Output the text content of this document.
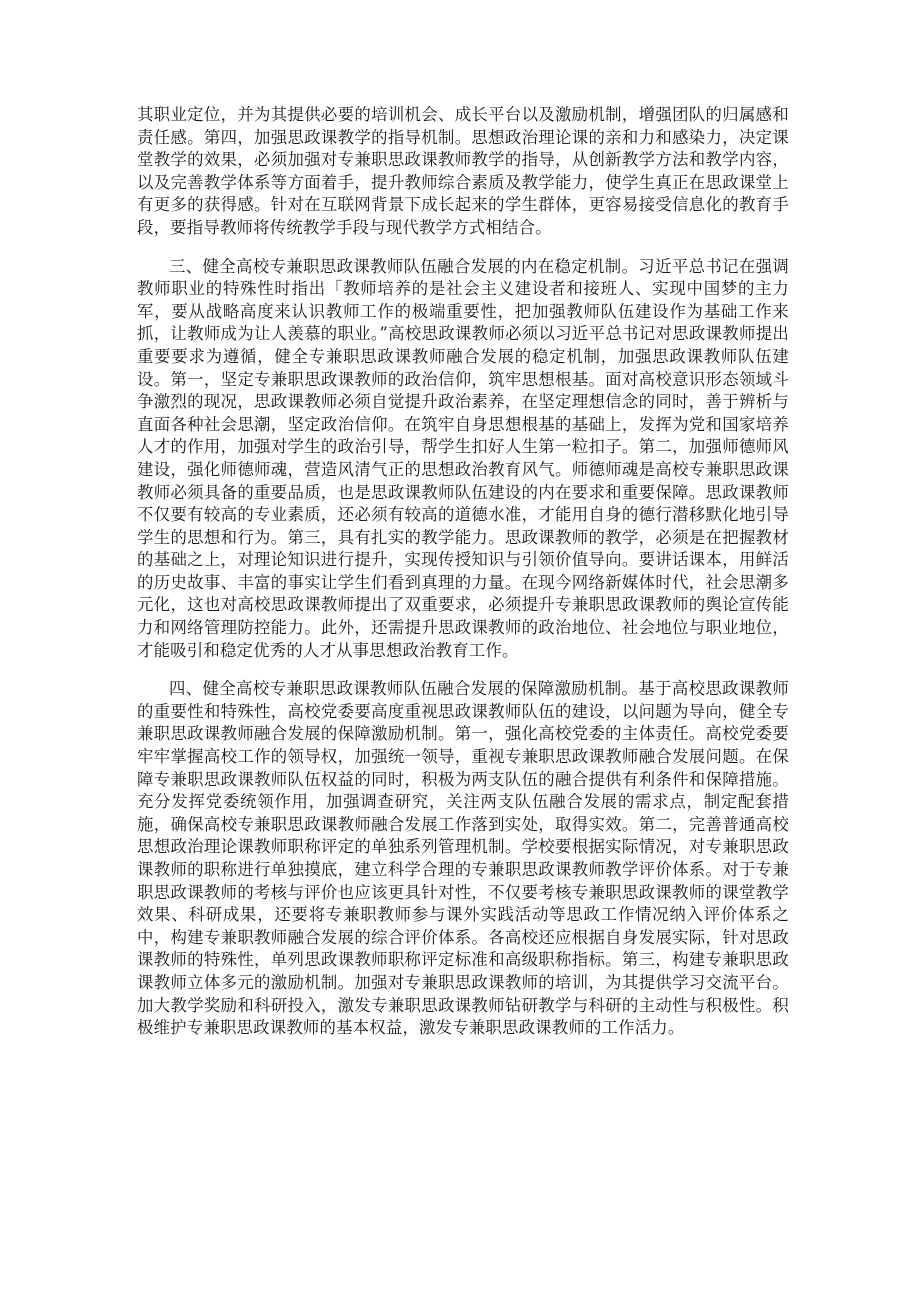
其职业定位，并为其提供必要的培训机会、成长平台以及激励机制，增强团队的归属感和责任感。第四，加强思政课教学的指导机制。思想政治理论课的亲和力和感染力，决定课堂教学的效果，必须加强对专兼职思政课教师教学的指导，从创新教学方法和教学内容，以及完善教学体系等方面着手，提升教师综合素质及教学能力，使学生真正在思政课堂上有更多的获得感。针对在互联网背景下成长起来的学生群体，更容易接受信息化的教育手段，要指导教师将传统教学手段与现代教学方式相结合。

三、健全高校专兼职思政课教师队伍融合发展的内在稳定机制。习近平总书记在强调教师职业的特殊性时指出「教师培养的是社会主义建设者和接班人、实现中国梦的主力军，要从战略高度来认识教师工作的极端重要性，把加强教师队伍建设作为基础工作来抓，让教师成为让人羡慕的职业。”高校思政课教师必须以习近平总书记对思政课教师提出重要要求为遵循，健全专兼职思政课教师融合发展的稳定机制，加强思政课教师队伍建设。第一，坚定专兼职思政课教师的政治信仰，筑牢思想根基。面对高校意识形态领域斗争激烈的现况，思政课教师必须自觉提升政治素养，在坚定理想信念的同时，善于辨析与直面各种社会思潮，坚定政治信仰。在筑牢自身思想根基的基础上，发挥为党和国家培养人才的作用，加强对学生的政治引导，帮学生扣好人生第一粒扣子。第二，加强师德师风建设，强化师德师魂，营造风清气正的思想政治教育风气。师德师魂是高校专兼职思政课教师必须具备的重要品质，也是思政课教师队伍建设的内在要求和重要保障。思政课教师不仅要有较高的专业素质，还必须有较高的道德水准，才能用自身的德行潜移默化地引导学生的思想和行为。第三，具有扎实的教学能力。思政课教师的教学，必须是在把握教材的基础之上，对理论知识进行提升，实现传授知识与引领价值导向。要讲话课本，用鲜活的历史故事、丰富的事实让学生们看到真理的力量。在现今网络新媒体时代，社会思潮多元化，这也对高校思政课教师提出了双重要求，必须提升专兼职思政课教师的舆论宣传能力和网络管理防控能力。此外，还需提升思政课教师的政治地位、社会地位与职业地位，才能吸引和稳定优秀的人才从事思想政治教育工作。

四、健全高校专兼职思政课教师队伍融合发展的保障激励机制。基于高校思政课教师的重要性和特殊性，高校党委要高度重视思政课教师队伍的建设，以问题为导向，健全专兼职思政课教师融合发展的保障激励机制。第一，强化高校党委的主体责任。高校党委要牢牢掌握高校工作的领导权，加强统一领导，重视专兼职思政课教师融合发展问题。在保障专兼职思政课教师队伍权益的同时，积极为两支队伍的融合提供有利条件和保障措施。充分发挥党委统领作用，加强调查研究，关注两支队伍融合发展的需求点，制定配套措施，确保高校专兼职思政课教师融合发展工作落到实处，取得实效。第二，完善普通高校思想政治理论课教师职称评定的单独系列管理机制。学校要根据实际情况，对专兼职思政课教师的职称进行单独摸底，建立科学合理的专兼职思政课教师教学评价体系。对于专兼职思政课教师的考核与评价也应该更具针对性，不仅要考核专兼职思政课教师的课堂教学效果、科研成果，还要将专兼职教师参与课外实践活动等思政工作情况纳入评价体系之中，构建专兼职教师融合发展的综合评价体系。各高校还应根据自身发展实际，针对思政课教师的特殊性，单列思政课教师职称评定标准和高级职称指标。第三，构建专兼职思政课教师立体多元的激励机制。加强对专兼职思政课教师的培训，为其提供学习交流平台。加大教学奖励和科研投入，激发专兼职思政课教师钻研教学与科研的主动性与积极性。积极维护专兼职思政课教师的基本权益，激发专兼职思政课教师的工作活力。
